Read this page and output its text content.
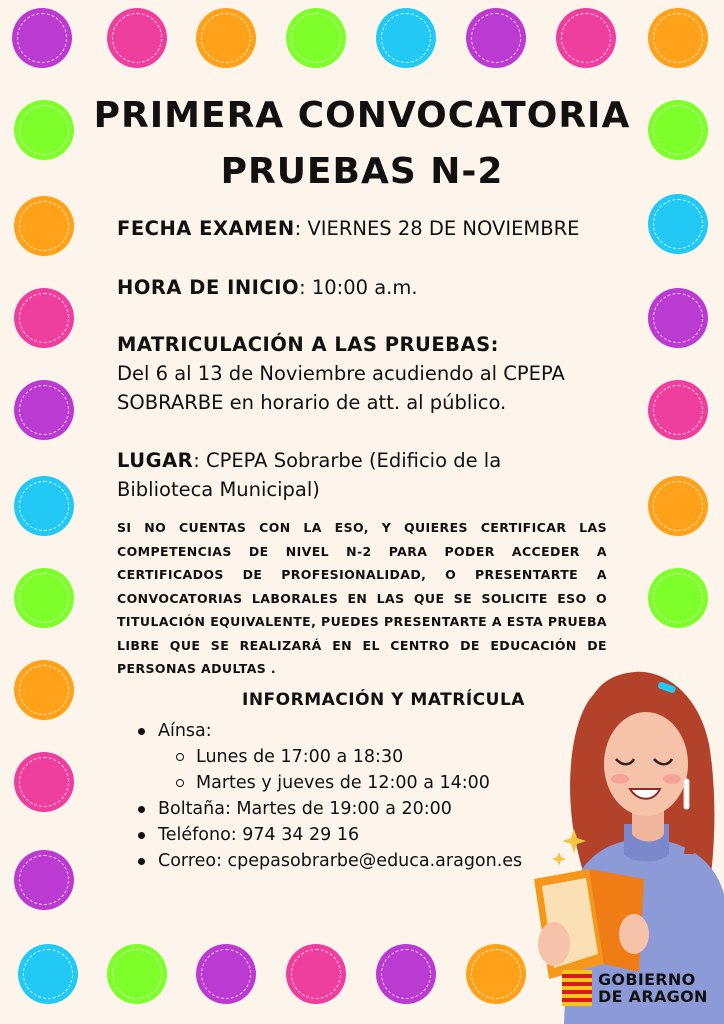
PRIMERA CONVOCATORIA
PRUEBAS N-2
FECHA EXAMEN: VIERNES 28 DE NOVIEMBRE
HORA DE INICIO: 10:00 a.m.
MATRICULACIÓN A LAS PRUEBAS:
Del 6 al 13 de Noviembre acudiendo al CPEPA
SOBRARBE en horario de att. al público.
LUGAR: CPEPA Sobrarbe (Edificio de la
Biblioteca Municipal)
SI NO CUENTAS CON LA ESO, Y QUIERES CERTIFICAR LAS COMPETENCIAS DE NIVEL N-2 PARA PODER ACCEDER A CERTIFICADOS DE PROFESIONALIDAD, O PRESENTARTE A CONVOCATORIAS LABORALES EN LAS QUE SE SOLICITE ESO O TITULACIÓN EQUIVALENTE, PUEDES PRESENTARTE A ESTA PRUEBA LIBRE QUE SE REALIZARÁ EN EL CENTRO DE EDUCACIÓN DE PERSONAS ADULTAS .
INFORMACIÓN Y MATRÍCULA
Aínsa:
Lunes de 17:00 a 18:30
Martes y jueves de 12:00 a 14:00
Boltaña: Martes de 19:00 a 20:00
Teléfono: 974 34 29 16
Correo: cpepasobrarbe@educa.aragon.es
GOBIERNO
DE ARAGON
